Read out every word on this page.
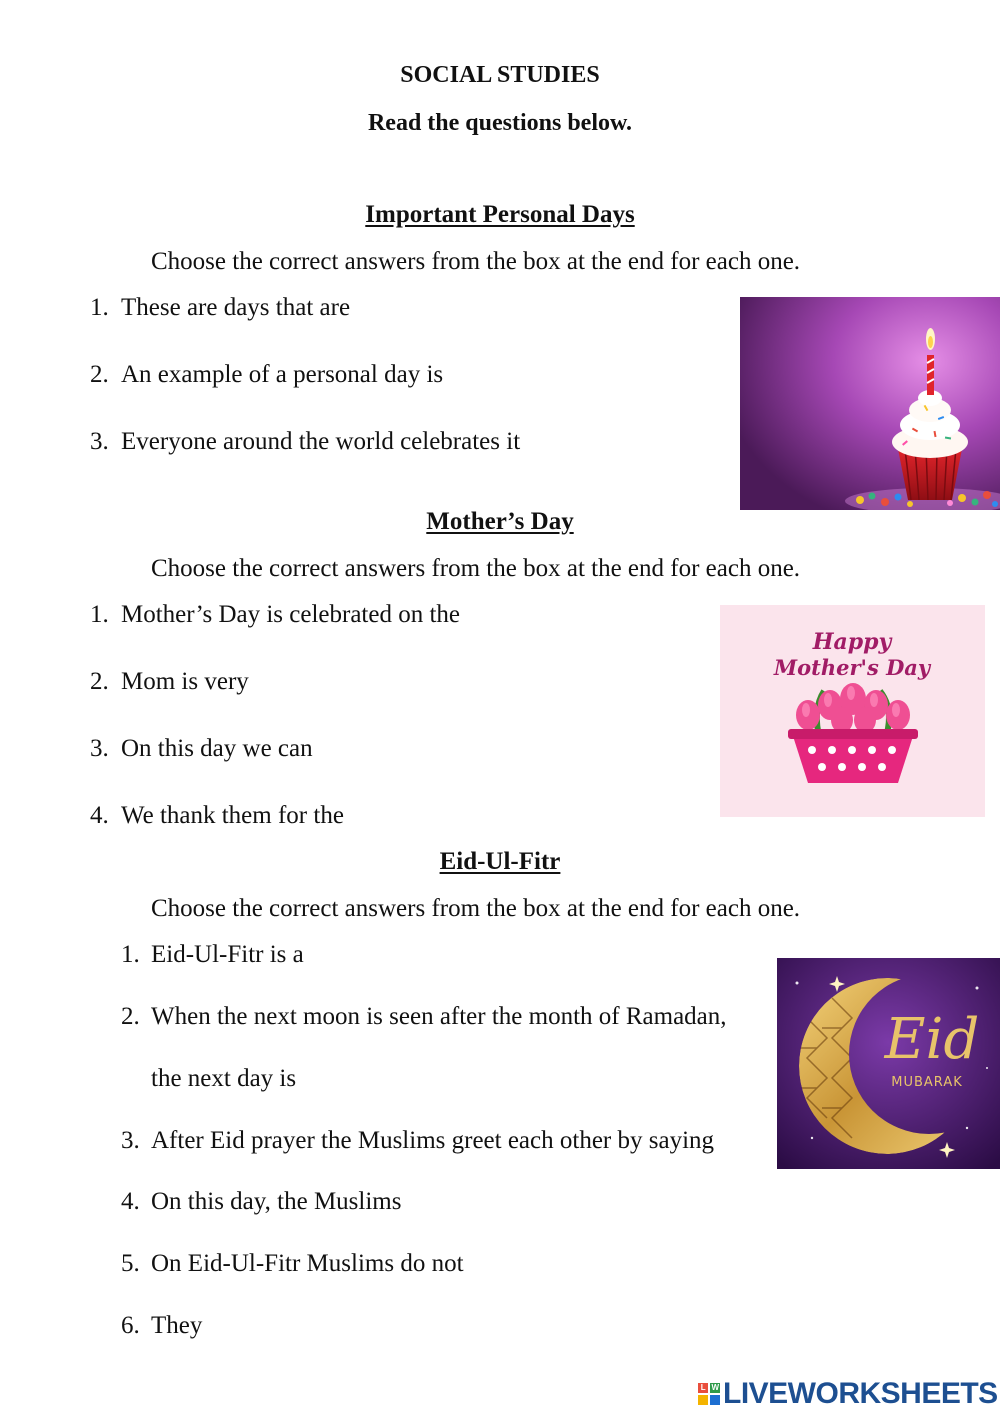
SOCIAL STUDIES
Read the questions below.
Important Personal Days
Choose the correct answers from the box at the end for each one.
1. These are days that are
2. An example of a personal day is
3. Everyone around the world celebrates it
Mother’s Day
Choose the correct answers from the box at the end for each one.
1. Mother’s Day is celebrated on the
2. Mom is very
3. On this day we can
4. We thank them for the
Happy
Mother's Day
Eid-Ul-Fitr
Choose the correct answers from the box at the end for each one.
1. Eid-Ul-Fitr is a
2. When the next moon is seen after the month of Ramadan,
the next day is
3. After Eid prayer the Muslims greet each other by saying
4. On this day, the Muslims
5. On Eid-Ul-Fitr Muslims do not
6. They
Eid
MUBARAK
L W LIVEWORKSHEETS
